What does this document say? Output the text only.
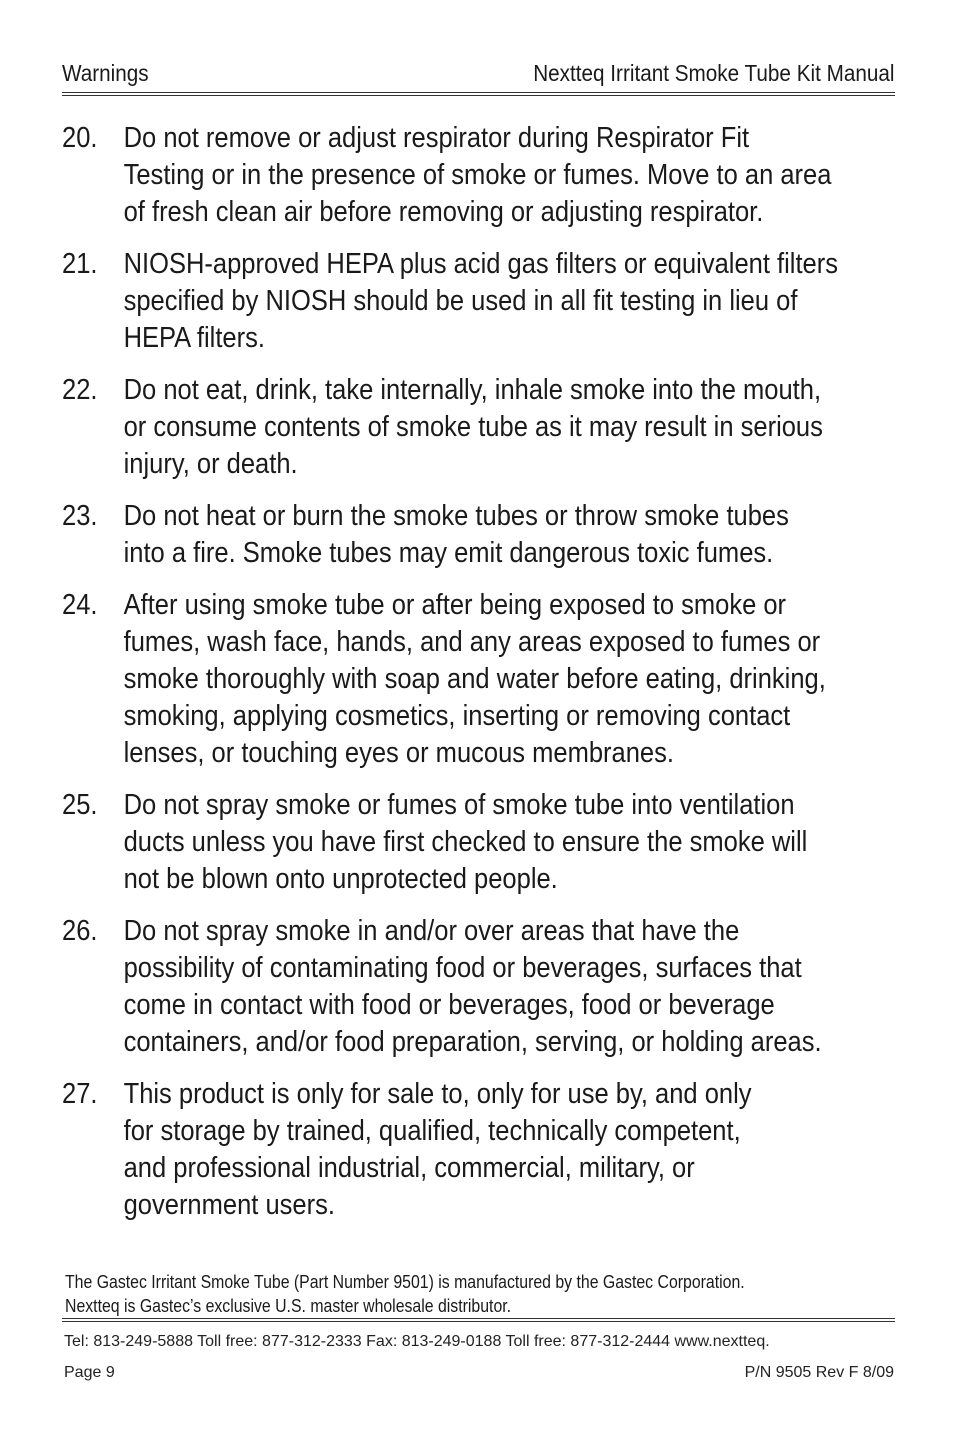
Warnings	Nextteq Irritant Smoke Tube Kit Manual
20. Do not remove or adjust respirator during Respirator Fit
Testing or in the presence of smoke or fumes. Move to an area
of fresh clean air before removing or adjusting respirator.
21. NIOSH-approved HEPA plus acid gas filters or equivalent filters
specified by NIOSH should be used in all fit testing in lieu of
HEPA filters.
22. Do not eat, drink, take internally, inhale smoke into the mouth,
or consume contents of smoke tube as it may result in serious
injury, or death.
23. Do not heat or burn the smoke tubes or throw smoke tubes
into a fire. Smoke tubes may emit dangerous toxic fumes.
24. After using smoke tube or after being exposed to smoke or
fumes, wash face, hands, and any areas exposed to fumes or
smoke thoroughly with soap and water before eating, drinking,
smoking, applying cosmetics, inserting or removing contact
lenses, or touching eyes or mucous membranes.
25. Do not spray smoke or fumes of smoke tube into ventilation
ducts unless you have first checked to ensure the smoke will
not be blown onto unprotected people.
26. Do not spray smoke in and/or over areas that have the
possibility of contaminating food or beverages, surfaces that
come in contact with food or beverages, food or beverage
containers, and/or food preparation, serving, or holding areas.
27. This product is only for sale to, only for use by, and only
for storage by trained, qualified, technically competent,
and professional industrial, commercial, military, or
government users.
The Gastec Irritant Smoke Tube (Part Number 9501) is manufactured by the Gastec Corporation.
Nextteq is Gastec’s exclusive U.S. master wholesale distributor.
Tel: 813-249-5888 Toll free: 877-312-2333 Fax: 813-249-0188 Toll free: 877-312-2444 www.nextteq.
Page 9	P/N 9505 Rev F 8/09
